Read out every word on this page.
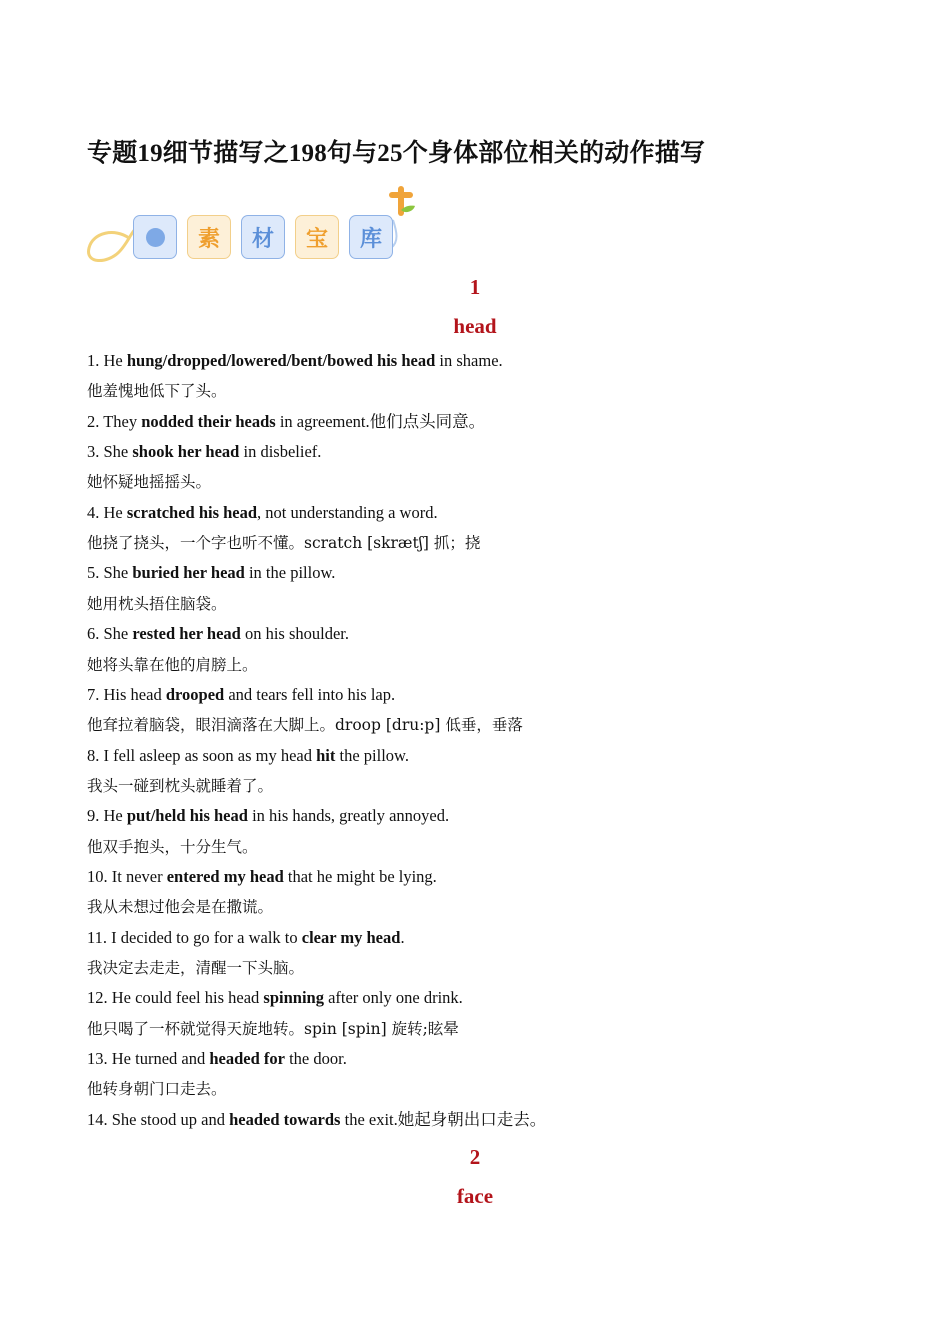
专题19细节描写之198句与25个身体部位相关的动作描写
素	材	宝	库
1
head
1. He hung/dropped/lowered/bent/bowed his head in shame.
他羞愧地低下了头。
2. They nodded their heads in agreement.他们点头同意。
3. She shook her head in disbelief.
她怀疑地摇摇头。
4. He scratched his head, not understanding a word.
他挠了挠头，一个字也听不懂。scratch [skrætʃ] 抓；挠
5. She buried her head in the pillow.
她用枕头捂住脑袋。
6. She rested her head on his shoulder.
她将头靠在他的肩膀上。
7. His head drooped and tears fell into his lap.
他耷拉着脑袋，眼泪滴落在大脚上。droop [dru:p] 低垂，垂落
8. I fell asleep as soon as my head hit the pillow.
我头一碰到枕头就睡着了。
9. He put/held his head in his hands, greatly annoyed.
他双手抱头，十分生气。
10. It never entered my head that he might be lying.
我从未想过他会是在撒谎。
11. I decided to go for a walk to clear my head.
我决定去走走，清醒一下头脑。
12. He could feel his head spinning after only one drink.
他只喝了一杯就觉得天旋地转。spin [spin] 旋转;眩晕
13. He turned and headed for the door.
他转身朝门口走去。
14. She stood up and headed towards the exit.她起身朝出口走去。
2
face
